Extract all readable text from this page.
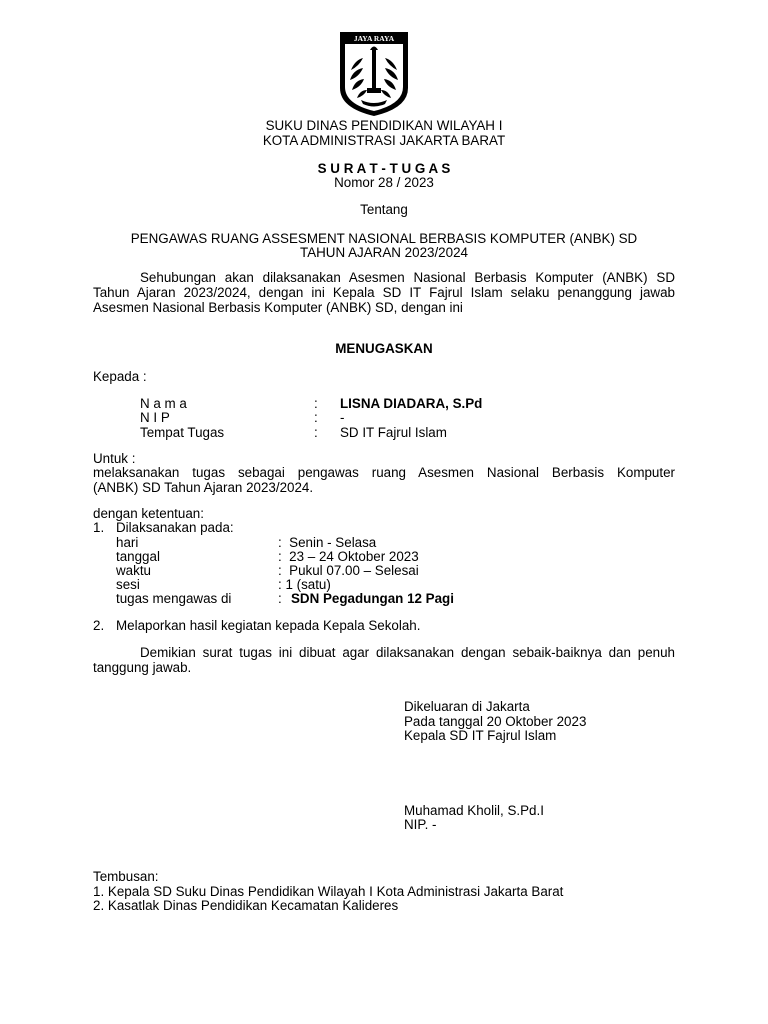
JAYA RAYA
SUKU DINAS PENDIDIKAN WILAYAH I
KOTA ADMINISTRASI JAKARTA BARAT
S U R A T - T U G A S
Nomor 28 / 2023
Tentang
PENGAWAS RUANG ASSESMENT NASIONAL BERBASIS KOMPUTER (ANBK) SD
TAHUN AJARAN 2023/2024
Sehubungan akan dilaksanakan Asesmen Nasional Berbasis Komputer (ANBK) SD
Tahun Ajaran 2023/2024, dengan ini Kepala SD IT Fajrul Islam selaku penanggung jawab
Asesmen Nasional Berbasis Komputer (ANBK) SD, dengan ini
MENUGASKAN
Kepada :
N a m a	: LISNA DIADARA, S.Pd
N I P	: -
Tempat Tugas	: SD IT Fajrul Islam
Untuk :
melaksanakan tugas sebagai pengawas ruang Asesmen Nasional Berbasis Komputer
(ANBK) SD Tahun Ajaran 2023/2024.
dengan ketentuan:
1. Dilaksanakan pada:
hari	:  Senin - Selasa
tanggal	:  23 – 24 Oktober 2023
waktu	:  Pukul 07.00 – Selesai
sesi	: 1 (satu)
tugas mengawas di	: SDN Pegadungan 12 Pagi
2. Melaporkan hasil kegiatan kepada Kepala Sekolah.
Demikian surat tugas ini dibuat agar dilaksanakan dengan sebaik-baiknya dan penuh
tanggung jawab.
Dikeluaran di Jakarta
Pada tanggal 20 Oktober 2023
Kepala SD IT Fajrul Islam
Muhamad Kholil, S.Pd.I
NIP. -
Tembusan:
1. Kepala SD Suku Dinas Pendidikan Wilayah I Kota Administrasi Jakarta Barat
2. Kasatlak Dinas Pendidikan Kecamatan Kalideres
